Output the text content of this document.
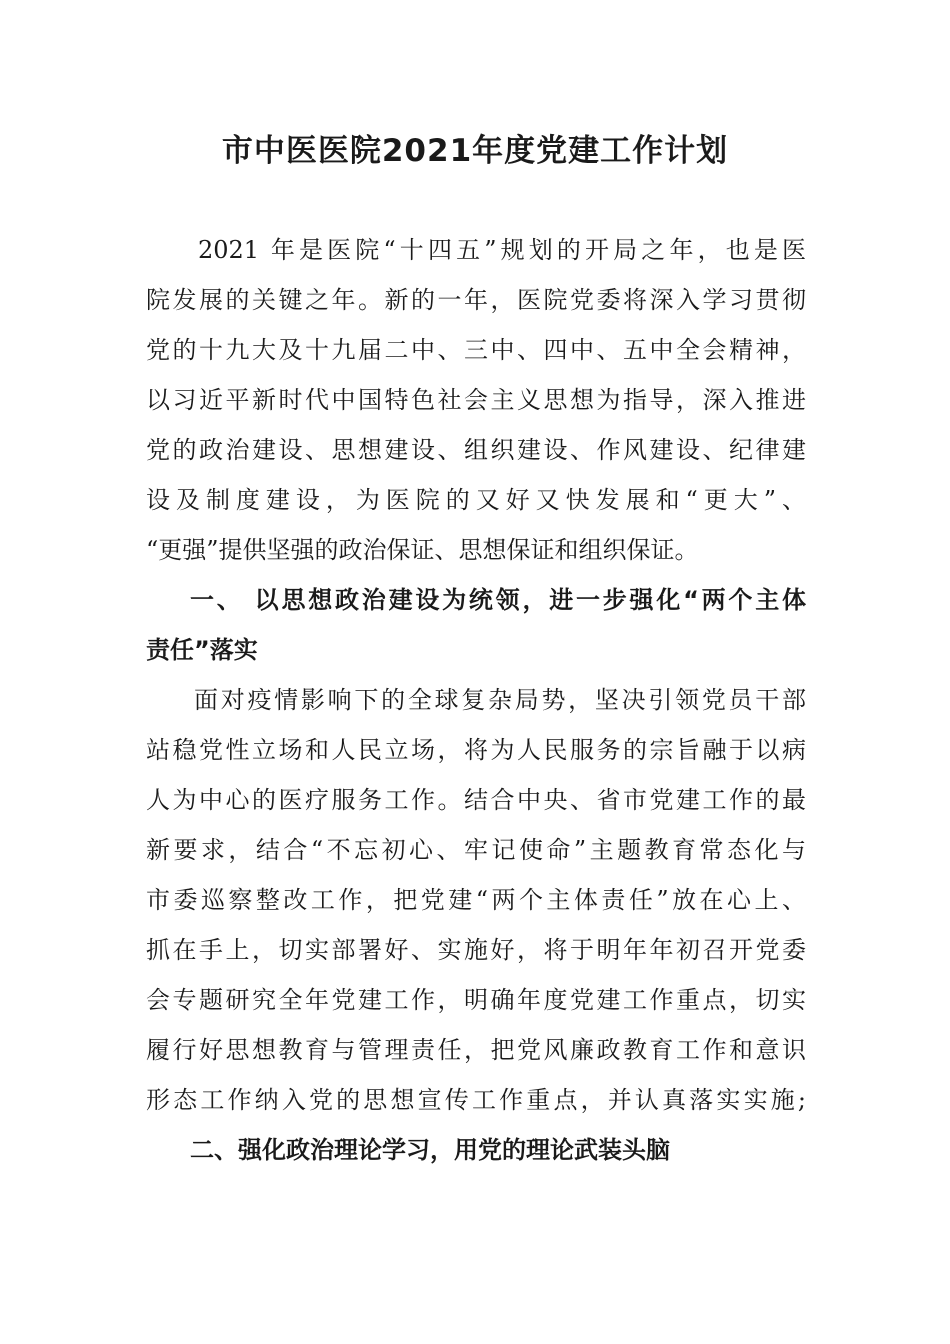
市中医医院2021年度党建工作计划

2021 年是医院“十四五”规划的开局之年，也是医

院发展的关键之年。新的一年，医院党委将深入学习贯彻

党的十九大及十九届二中、三中、四中、五中全会精神，

以习近平新时代中国特色社会主义思想为指导，深入推进

党的政治建设、思想建设、组织建设、作风建设、纪律建

设及制度建设，为医院的又好又快发展和“更大”、

“更强”提供坚强的政治保证、思想保证和组织保证。

一、 以思想政治建设为统领，进一步强化“两个主体

责任”落实

面对疫情影响下的全球复杂局势，坚决引领党员干部

站稳党性立场和人民立场，将为人民服务的宗旨融于以病

人为中心的医疗服务工作。结合中央、省市党建工作的最

新要求，结合“不忘初心、牢记使命”主题教育常态化与

市委巡察整改工作，把党建“两个主体责任”放在心上、

抓在手上，切实部署好、实施好，将于明年年初召开党委

会专题研究全年党建工作，明确年度党建工作重点，切实

履行好思想教育与管理责任，把党风廉政教育工作和意识

形态工作纳入党的思想宣传工作重点，并认真落实实施;

二、强化政治理论学习，用党的理论武装头脑
